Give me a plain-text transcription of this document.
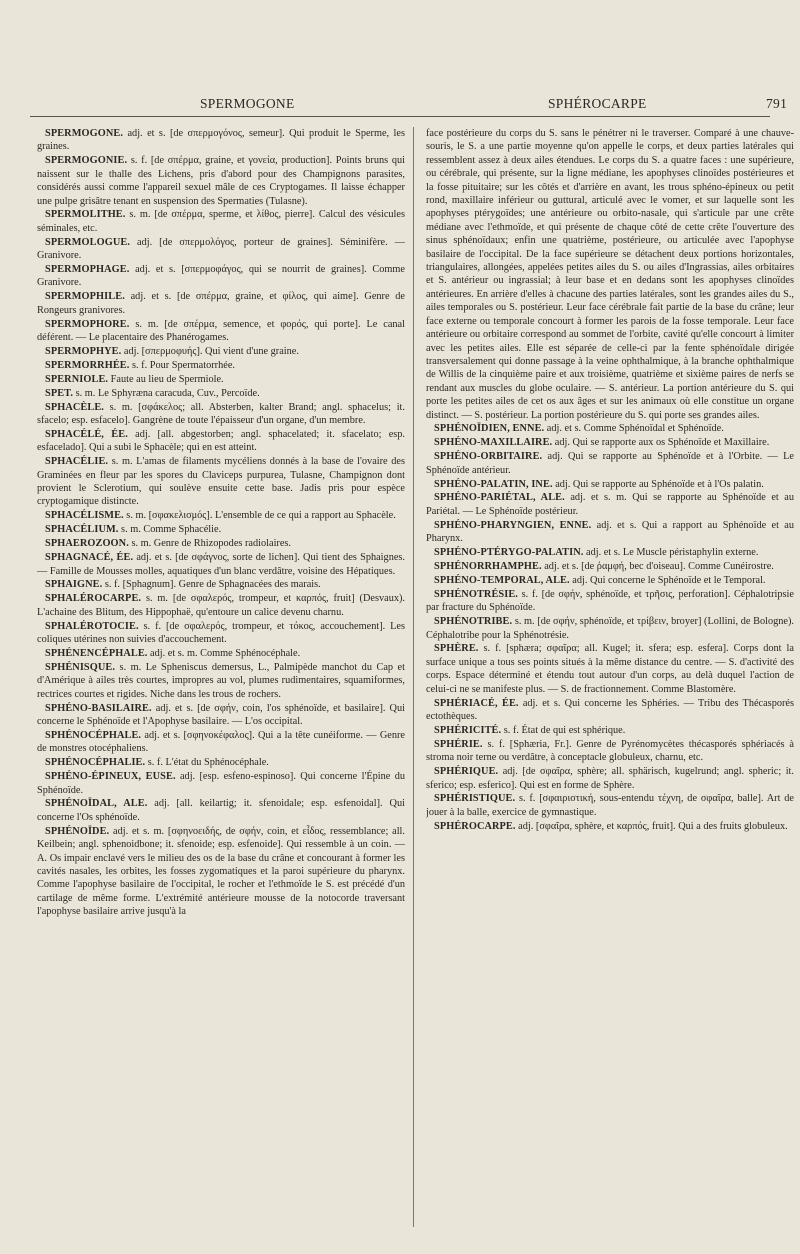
SPERMOGONE	SPHÉROCARPE	791

SPERMOGONE. adj. et s. [de σπερμογόνος, semeur]. Qui produit le Sperme, les graines.

SPERMOGONIE. s. f. [de σπέρμα, graine, et γονεία, production]. Points bruns qui naissent sur le thalle des Lichens, pris d'abord pour des Champignons parasites, considérés aussi comme l'appareil sexuel mâle de ces Cryptogames. Il laisse échapper une pulpe grisâtre tenant en suspension des Spermaties (Tulasne).

SPERMOLITHE. s. m. [de σπέρμα, sperme, et λίθος, pierre]. Calcul des vésicules séminales, etc.

SPERMOLOGUE. adj. [de σπερμολόγος, porteur de graines]. Séminifère. — Granivore.

SPERMOPHAGE. adj. et s. [σπερμοφάγος, qui se nourrit de graines]. Comme Granivore.

SPERMOPHILE. adj. et s. [de σπέρμα, graine, et φίλος, qui aime]. Genre de Rongeurs granivores.

SPERMOPHORE. s. m. [de σπέρμα, semence, et φορός, qui porte]. Le canal déférent. — Le placentaire des Phanérogames.

SPERMOPHYE. adj. [σπερμοφυής]. Qui vient d'une graine.

SPERMORRHÉE. s. f. Pour Spermatorrhée.

SPERNIOLE. Faute au lieu de Spermiole.

SPET. s. m. Le Sphyræna caracuda, Cuv., Percoïde.

SPHACÈLE. s. m. [σφάκελος; all. Absterben, kalter Brand; angl. sphacelus; it. sfacelo; esp. esfacelo]. Gangrène de toute l'épaisseur d'un organe, d'un membre.

SPHACÉLÉ, ÉE. adj. [all. abgestorben; angl. sphacelated; it. sfacelato; esp. esfacelado]. Qui a subi le Sphacèle; qui en est atteint.

SPHACÉLIE. s. m. L'amas de filaments mycéliens donnés à la base de l'ovaire des Graminées en fleur par les spores du Claviceps purpurea, Tulasne, Champignon dont provient le Sclerotium, qui soulève ensuite cette base. Jadis pris pour espèce cryptogamique distincte.

SPHACÉLISME. s. m. [σφακελισμός]. L'ensemble de ce qui a rapport au Sphacèle.

SPHACÉLIUM. s. m. Comme Sphacélie.

SPHAEROZOON. s. m. Genre de Rhizopodes radiolaires.

SPHAGNACÉ, ÉE. adj. et s. [de σφάγνος, sorte de lichen]. Qui tient des Sphaignes. — Famille de Mousses molles, aquatiques d'un blanc verdâtre, voisine des Hépatiques.

SPHAIGNE. s. f. [Sphagnum]. Genre de Sphagnacées des marais.

SPHALÉROCARPE. s. m. [de σφαλερός, trompeur, et καρπός, fruit] (Desvaux). L'achaine des Blitum, des Hippophaë, qu'entoure un calice devenu charnu.

SPHALÉROTOCIE. s. f. [de σφαλερός, trompeur, et τόκος, accouchement]. Les coliques utérines non suivies d'accouchement.

SPHÉNENCÉPHALE. adj. et s. m. Comme Sphénocéphale.

SPHÉNISQUE. s. m. Le Spheniscus demersus, L., Palmipède manchot du Cap et d'Amérique à ailes très courtes, impropres au vol, plumes rudimentaires, squamiformes, rectrices courtes et rigides. Niche dans les trous de rochers.

SPHÉNO-BASILAIRE. adj. et s. [de σφήν, coin, l'os sphénoïde, et basilaire]. Qui concerne le Sphénoïde et l'Apophyse basilaire. — L'os occipital.

SPHÉNOCÉPHALE. adj. et s. [σφηνοκέφαλος]. Qui a la tête cunéiforme. — Genre de monstres otocéphaliens.

SPHÉNOCÉPHALIE. s. f. L'état du Sphénocéphale.

SPHÉNO-ÉPINEUX, EUSE. adj. [esp. esfeno-espinoso]. Qui concerne l'Épine du Sphénoïde.

SPHÉNOÏDAL, ALE. adj. [all. keilartig; it. sfenoidale; esp. esfenoidal]. Qui concerne l'Os sphénoïde.

SPHÉNOÏDE. adj. et s. m. [σφηνοειδής, de σφήν, coin, et εἶδος, ressemblance; all. Keilbein; angl. sphenoidbone; it. sfenoide; esp. esfenoide]. Qui ressemble à un coin. — A. Os impair enclavé vers le milieu des os de la base du crâne et concourant à former les cavités nasales, les orbites, les fosses zygomatiques et la paroi supérieure du pharynx. Comme l'apophyse basilaire de l'occipital, le rocher et l'ethmoïde le S. est précédé d'un cartilage de même forme. L'extrémité antérieure mousse de la notocorde traversant l'apophyse basilaire arrive jusqu'à la

face postérieure du corps du S. sans le pénétrer ni le traverser. Comparé à une chauve-souris, le S. a une partie moyenne qu'on appelle le corps, et deux parties latérales qui ressemblent assez à deux ailes étendues. Le corps du S. a quatre faces : une supérieure, ou cérébrale, qui présente, sur la ligne médiane, les apophyses clinoïdes postérieures et la fosse pituitaire; sur les côtés et d'arrière en avant, les trous sphéno-épineux ou petit rond, maxillaire inférieur ou guttural, articulé avec le vomer, et sur laquelle sont les apophyses ptérygoïdes; une antérieure ou orbito-nasale, qui s'articule par une crête médiane avec l'ethmoïde, et qui présente de chaque côté de cette crête l'ouverture des sinus sphénoïdaux; enfin une quatrième, postérieure, ou articulée avec l'apophyse basilaire de l'occipital. De la face supérieure se détachent deux portions horizontales, triangulaires, allongées, appelées petites ailes du S. ou ailes d'Ingrassias, ailes orbitaires et S. antérieur ou ingrassial; à leur base et en dedans sont les apophyses clinoïdes antérieures. En arrière d'elles à chacune des parties latérales, sont les grandes ailes du S., ailes temporales ou S. postérieur. Leur face cérébrale fait partie de la base du crâne; leur face externe ou temporale concourt à former les parois de la fosse temporale. Leur face antérieure ou orbitaire correspond au sommet de l'orbite, cavité qu'elle concourt à limiter avec les petites ailes. Elle est séparée de celle-ci par la fente sphénoïdale dirigée transversalement qui donne passage à la veine ophthalmique, à la branche ophthalmique de Willis de la cinquième paire et aux troisième, quatrième et sixième paires de nerfs se rendant aux muscles du globe oculaire. — S. antérieur. La portion antérieure du S. qui porte les petites ailes de cet os aux âges et sur les animaux où elle constitue un organe distinct. — S. postérieur. La portion postérieure du S. qui porte ses grandes ailes.

SPHÉNOÏDIEN, ENNE. adj. et s. Comme Sphénoïdal et Sphénoïde.

SPHÉNO-MAXILLAIRE. adj. Qui se rapporte aux os Sphénoïde et Maxillaire.

SPHÉNO-ORBITAIRE. adj. Qui se rapporte au Sphénoïde et à l'Orbite. — Le Sphénoïde antérieur.

SPHÉNO-PALATIN, INE. adj. Qui se rapporte au Sphénoïde et à l'Os palatin.

SPHÉNO-PARIÉTAL, ALE. adj. et s. m. Qui se rapporte au Sphénoïde et au Pariétal. — Le Sphénoïde postérieur.

SPHÉNO-PHARYNGIEN, ENNE. adj. et s. Qui a rapport au Sphénoïde et au Pharynx.

SPHÉNO-PTÉRYGO-PALATIN. adj. et s. Le Muscle péristaphylin externe.

SPHÉNORRHAMPHE. adj. et s. [de ῥαμφή, bec d'oiseau]. Comme Cunéirostre.

SPHÉNO-TEMPORAL, ALE. adj. Qui concerne le Sphénoïde et le Temporal.

SPHÉNOTRÉSIE. s. f. [de σφήν, sphénoïde, et τρῆσις, perforation]. Céphalotripsie par fracture du Sphénoïde.

SPHÉNOTRIBE. s. m. [de σφήν, sphénoïde, et τρίβειν, broyer] (Lollini, de Bologne). Céphalotribe pour la Sphénotrésie.

SPHÈRE. s. f. [sphæra; σφαῖρα; all. Kugel; it. sfera; esp. esfera]. Corps dont la surface unique a tous ses points situés à la même distance du centre. — S. d'activité des corps. Espace déterminé et étendu tout autour d'un corps, au delà duquel l'action de celui-ci ne se manifeste plus. — S. de fractionnement. Comme Blastomère.

SPHÉRIACÉ, ÉE. adj. et s. Qui concerne les Sphéries. — Tribu des Thécasporés ectothèques.

SPHÉRICITÉ. s. f. État de qui est sphérique.

SPHÉRIE. s. f. [Sphæria, Fr.]. Genre de Pyrénomycètes thécasporés sphériacés à stroma noir terne ou verdâtre, à conceptacle globuleux, charnu, etc.

SPHÉRIQUE. adj. [de σφαῖρα, sphère; all. sphärisch, kugelrund; angl. spheric; it. sferico; esp. esferico]. Qui est en forme de Sphère.

SPHÉRISTIQUE. s. f. [σφαιριστική, sous-entendu τέχνη, de σφαῖρα, balle]. Art de jouer à la balle, exercice de gymnastique.

SPHÉROCARPE. adj. [σφαῖρα, sphère, et καρπός, fruit]. Qui a des fruits globuleux.
